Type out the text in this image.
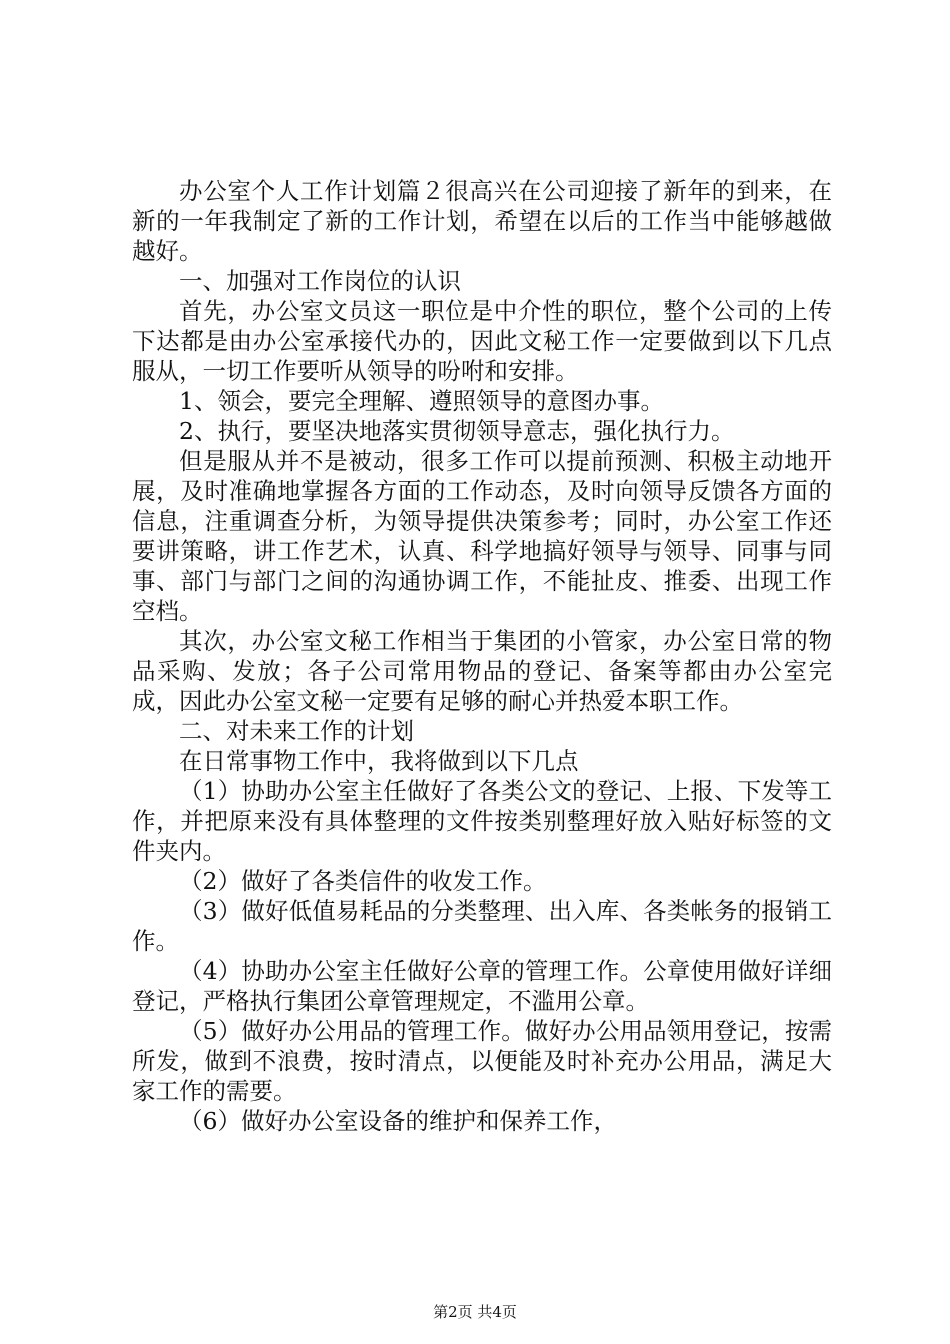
办公室个人工作计划篇２很高兴在公司迎接了新年的到来，在新的一年我制定了新的工作计划，希望在以后的工作当中能够越做越好。

一、加强对工作岗位的认识

首先，办公室文员这一职位是中介性的职位，整个公司的上传下达都是由办公室承接代办的，因此文秘工作一定要做到以下几点服从，一切工作要听从领导的吩咐和安排。

1、领会，要完全理解、遵照领导的意图办事。

2、执行，要坚决地落实贯彻领导意志，强化执行力。

但是服从并不是被动，很多工作可以提前预测、积极主动地开展，及时准确地掌握各方面的工作动态，及时向领导反馈各方面的信息，注重调查分析，为领导提供决策参考；同时，办公室工作还要讲策略，讲工作艺术，认真、科学地搞好领导与领导、同事与同事、部门与部门之间的沟通协调工作，不能扯皮、推委、出现工作空档。

其次，办公室文秘工作相当于集团的小管家，办公室日常的物品采购、发放；各子公司常用物品的登记、备案等都由办公室完成，因此办公室文秘一定要有足够的耐心并热爱本职工作。

二、对未来工作的计划

在日常事物工作中，我将做到以下几点

（1）协助办公室主任做好了各类公文的登记、上报、下发等工作，并把原来没有具体整理的文件按类别整理好放入贴好标签的文件夹内。

（2）做好了各类信件的收发工作。

（3）做好低值易耗品的分类整理、出入库、各类帐务的报销工作。

（4）协助办公室主任做好公章的管理工作。公章使用做好详细登记，严格执行集团公章管理规定，不滥用公章。

（5）做好办公用品的管理工作。做好办公用品领用登记，按需所发，做到不浪费，按时清点，以便能及时补充办公用品，满足大家工作的需要。

（6）做好办公室设备的维护和保养工作，

第2页 共4页
